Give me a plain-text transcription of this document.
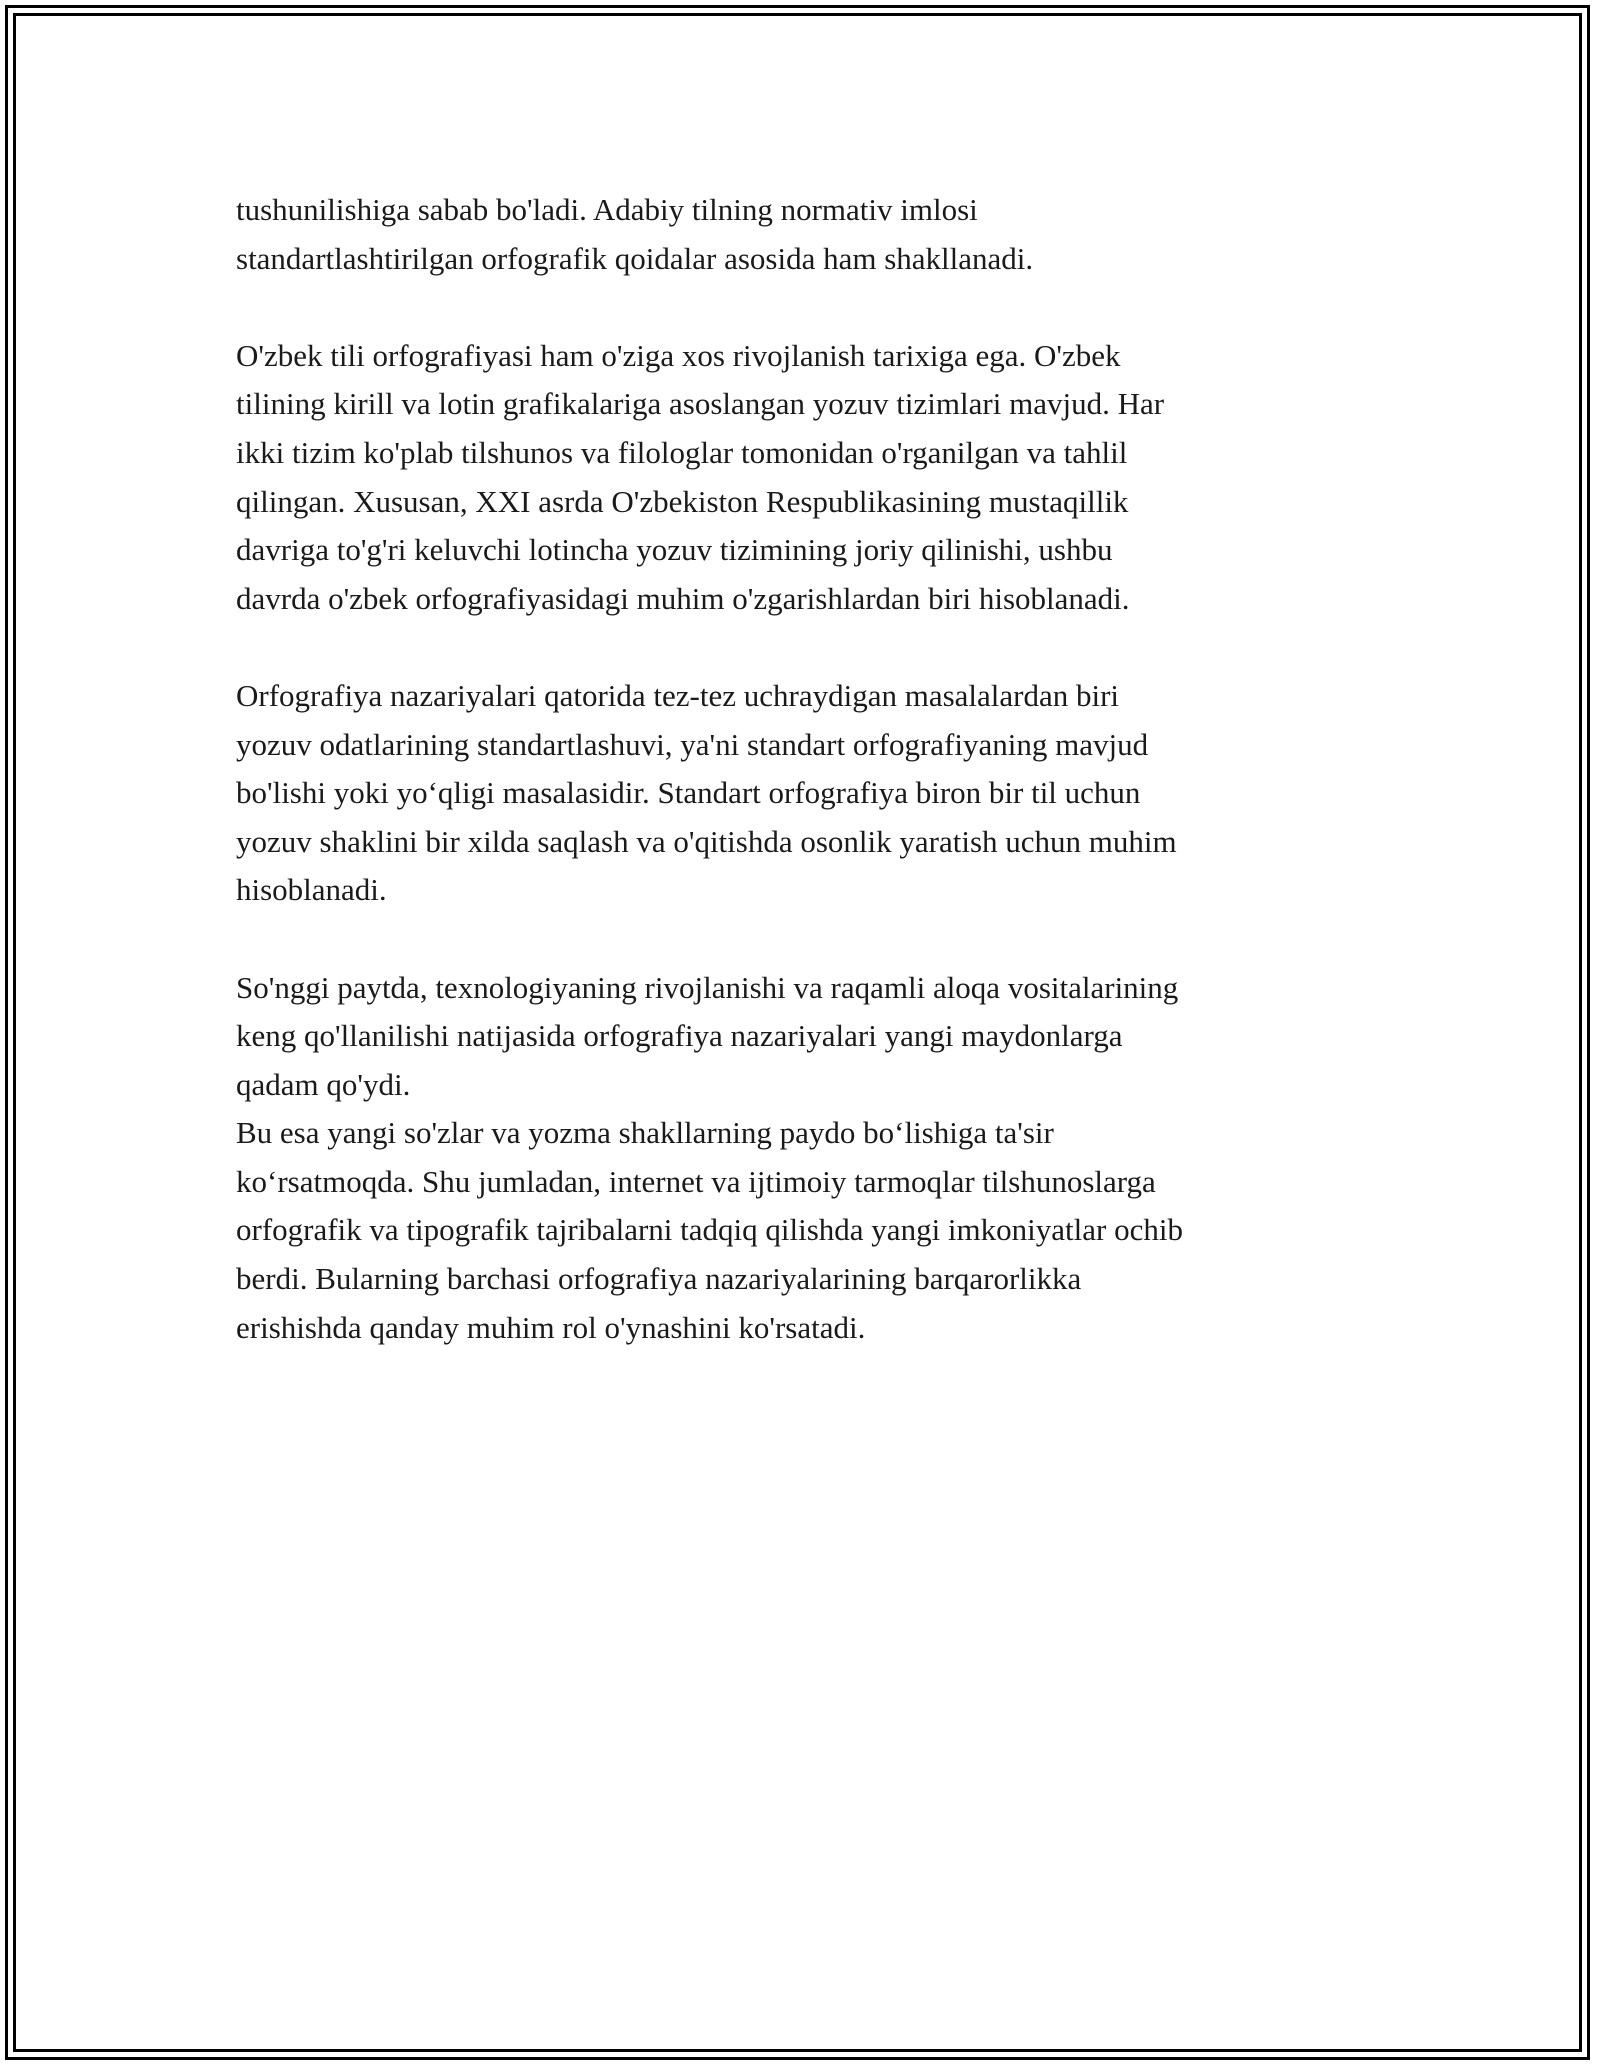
tushunilishiga sabab bo'ladi. Adabiy tilning normativ imlosi
standartlashtirilgan orfografik qoidalar asosida ham shakllanadi.

O'zbek tili orfografiyasi ham o'ziga xos rivojlanish tarixiga ega. O'zbek
tilining kirill va lotin grafikalariga asoslangan yozuv tizimlari mavjud. Har
ikki tizim ko'plab tilshunos va filologlar tomonidan o'rganilgan va tahlil
qilingan. Xususan, XXI asrda O'zbekiston Respublikasining mustaqillik
davriga to'g'ri keluvchi lotincha yozuv tizimining joriy qilinishi, ushbu
davrda o'zbek orfografiyasidagi muhim o'zgarishlardan biri hisoblanadi.

Orfografiya nazariyalari qatorida tez-tez uchraydigan masalalardan biri
yozuv odatlarining standartlashuvi, ya'ni standart orfografiyaning mavjud
bo'lishi yoki yoʻqligi masalasidir. Standart orfografiya biron bir til uchun
yozuv shaklini bir xilda saqlash va o'qitishda osonlik yaratish uchun muhim
hisoblanadi.

So'nggi paytda, texnologiyaning rivojlanishi va raqamli aloqa vositalarining
keng qo'llanilishi natijasida orfografiya nazariyalari yangi maydonlarga
qadam qo'ydi.
Bu esa yangi so'zlar va yozma shakllarning paydo boʻlishiga ta'sir
koʻrsatmoqda. Shu jumladan, internet va ijtimoiy tarmoqlar tilshunoslarga
orfografik va tipografik tajribalarni tadqiq qilishda yangi imkoniyatlar ochib
berdi. Bularning barchasi orfografiya nazariyalarining barqarorlikka
erishishda qanday muhim rol o'ynashini ko'rsatadi.
